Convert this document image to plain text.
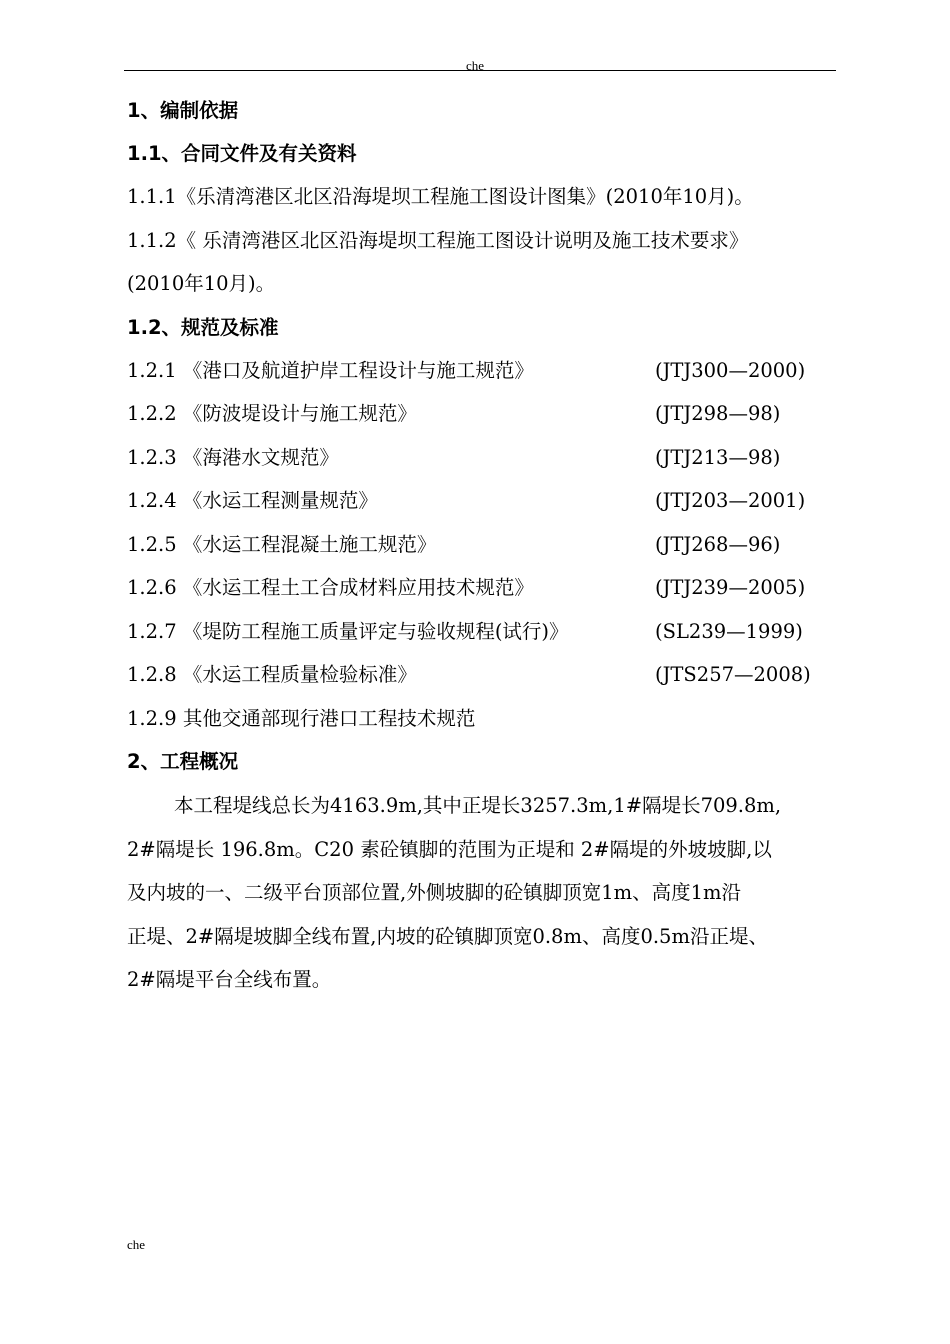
che
1、编制依据
1.1、合同文件及有关资料
1.1.1《乐清湾港区北区沿海堤坝工程施工图设计图集》(2010年10月)。
1.1.2《 乐清湾港区北区沿海堤坝工程施工图设计说明及施工技术要求》
(2010年10月)。
1.2、规范及标准
1.2.1 《港口及航道护岸工程设计与施工规范》	(JTJ300—2000)
1.2.2 《防波堤设计与施工规范》	(JTJ298—98)
1.2.3 《海港水文规范》	(JTJ213—98)
1.2.4 《水运工程测量规范》	(JTJ203—2001)
1.2.5 《水运工程混凝土施工规范》	(JTJ268—96)
1.2.6 《水运工程土工合成材料应用技术规范》	(JTJ239—2005)
1.2.7 《堤防工程施工质量评定与验收规程(试行)》	(SL239—1999)
1.2.8 《水运工程质量检验标准》	(JTS257—2008)
1.2.9 其他交通部现行港口工程技术规范
2、工程概况
本工程堤线总长为4163.9m,其中正堤长3257.3m,1#隔堤长709.8m,
2#隔堤长 196.8m。C20 素砼镇脚的范围为正堤和 2#隔堤的外坡坡脚,以
及内坡的一、二级平台顶部位置,外侧坡脚的砼镇脚顶宽1m、高度1m沿
正堤、2#隔堤坡脚全线布置,内坡的砼镇脚顶宽0.8m、高度0.5m沿正堤、
2#隔堤平台全线布置。
che
